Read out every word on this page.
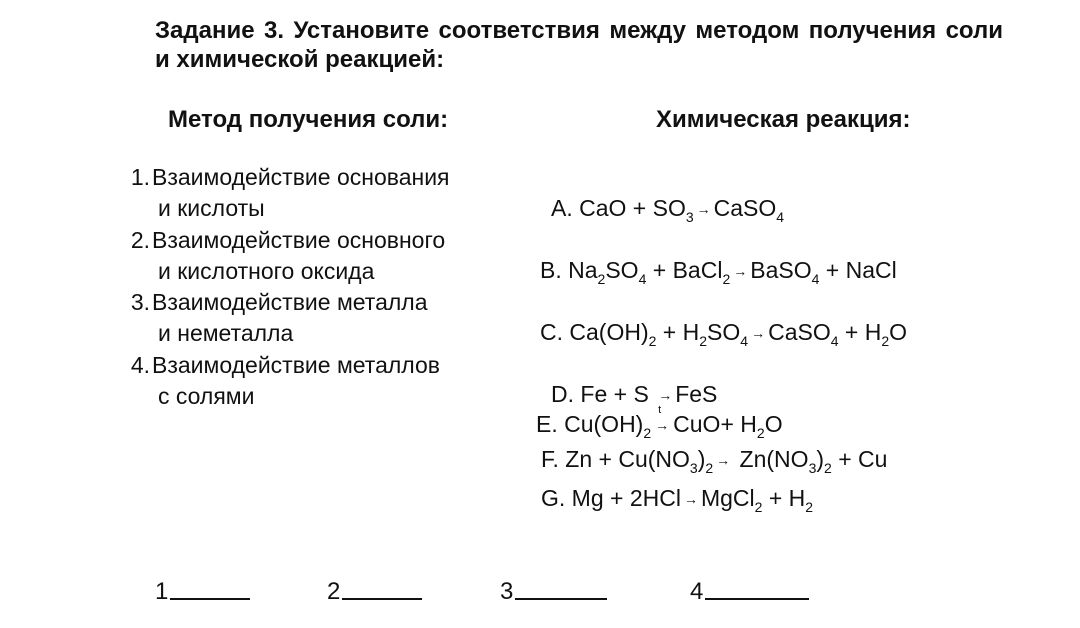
Задание 3. Установите соответствия между методом получения соли и химической реакцией:
Метод получения соли:	Химическая реакция:
1.Взаимодействие основания
и кислоты
2.Взаимодействие основного
и кислотного оксида
3.Взаимодействие металла
и неметалла
4.Взаимодействие металлов
с солями
A. CaO + $SO_3$ → CaSO$_4$
B. $Na_2SO_4$ + BaCl$_2$ → BaSO$_4$ + NaCl
C. $Ca(OH)_2 + H_2SO_4$ → CaSO$_4$ + $H_2O$
D. Fe + S → FeS
E. $Cu(OH)_2$
t
→ $CuO+ H_2O$
F. $Zn + Cu(NO_3)_2 \to Zn(NO_3)_2 + Cu$
G. Mg + 2HCl → MgCl$_2$ + $H_2$
1	2	3	4
